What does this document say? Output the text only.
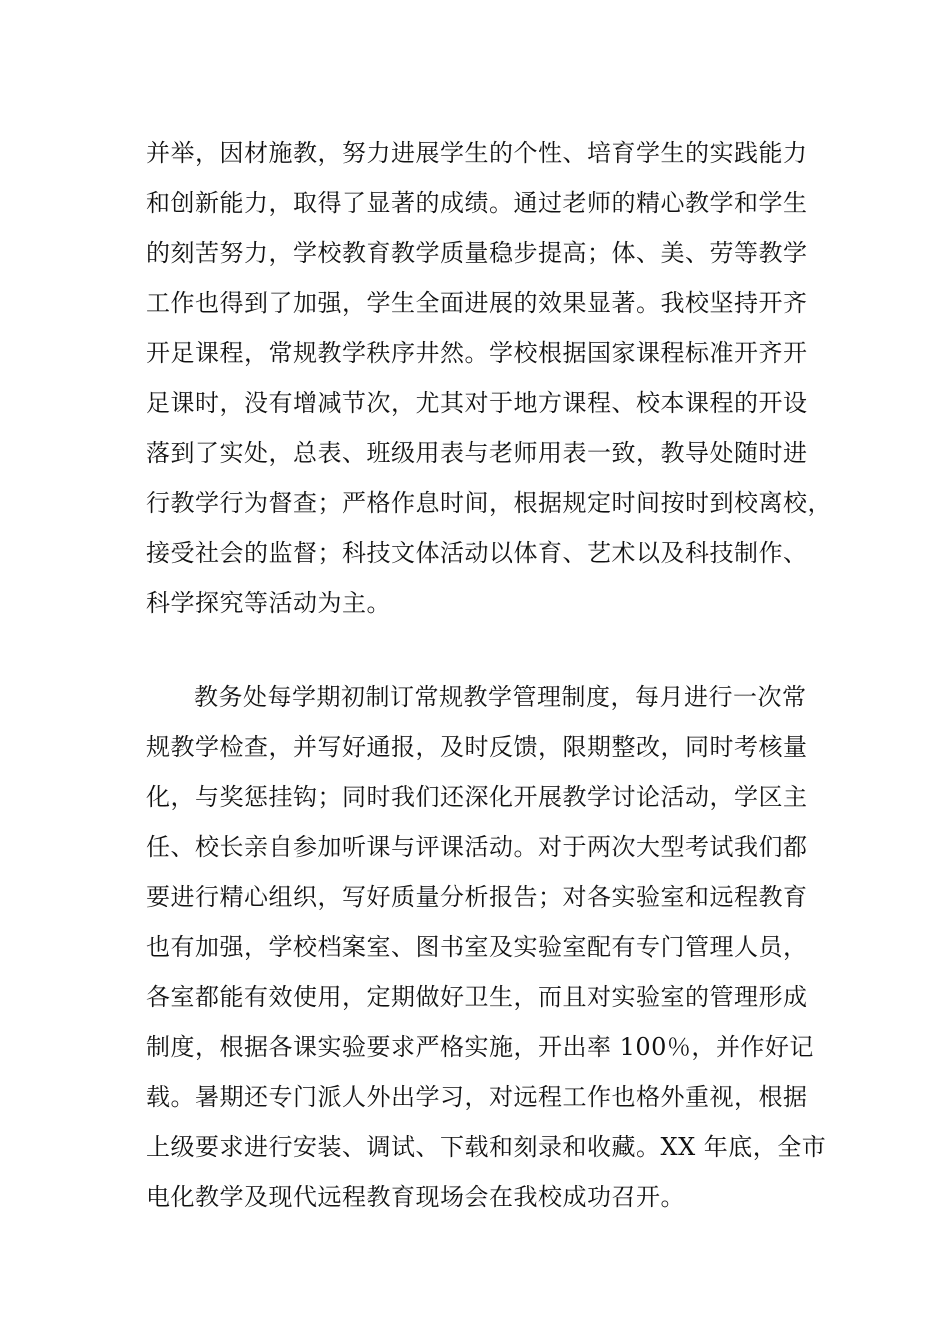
并举，因材施教，努力进展学生的个性、培育学生的实践能力
和创新能力，取得了显著的成绩。通过老师的精心教学和学生
的刻苦努力，学校教育教学质量稳步提高；体、美、劳等教学
工作也得到了加强，学生全面进展的效果显著。我校坚持开齐
开足课程，常规教学秩序井然。学校根据国家课程标准开齐开
足课时，没有增减节次，尤其对于地方课程、校本课程的开设
落到了实处，总表、班级用表与老师用表一致，教导处随时进
行教学行为督查；严格作息时间，根据规定时间按时到校离校，
接受社会的监督；科技文体活动以体育、艺术以及科技制作、
科学探究等活动为主。
教务处每学期初制订常规教学管理制度，每月进行一次常
规教学检查，并写好通报，及时反馈，限期整改，同时考核量
化，与奖惩挂钩；同时我们还深化开展教学讨论活动，学区主
任、校长亲自参加听课与评课活动。对于两次大型考试我们都
要进行精心组织，写好质量分析报告；对各实验室和远程教育
也有加强，学校档案室、图书室及实验室配有专门管理人员，
各室都能有效使用，定期做好卫生，而且对实验室的管理形成
制度，根据各课实验要求严格实施，开出率 100％，并作好记
载。暑期还专门派人外出学习，对远程工作也格外重视，根据
上级要求进行安装、调试、下载和刻录和收藏。XX 年底，全市
电化教学及现代远程教育现场会在我校成功召开。
